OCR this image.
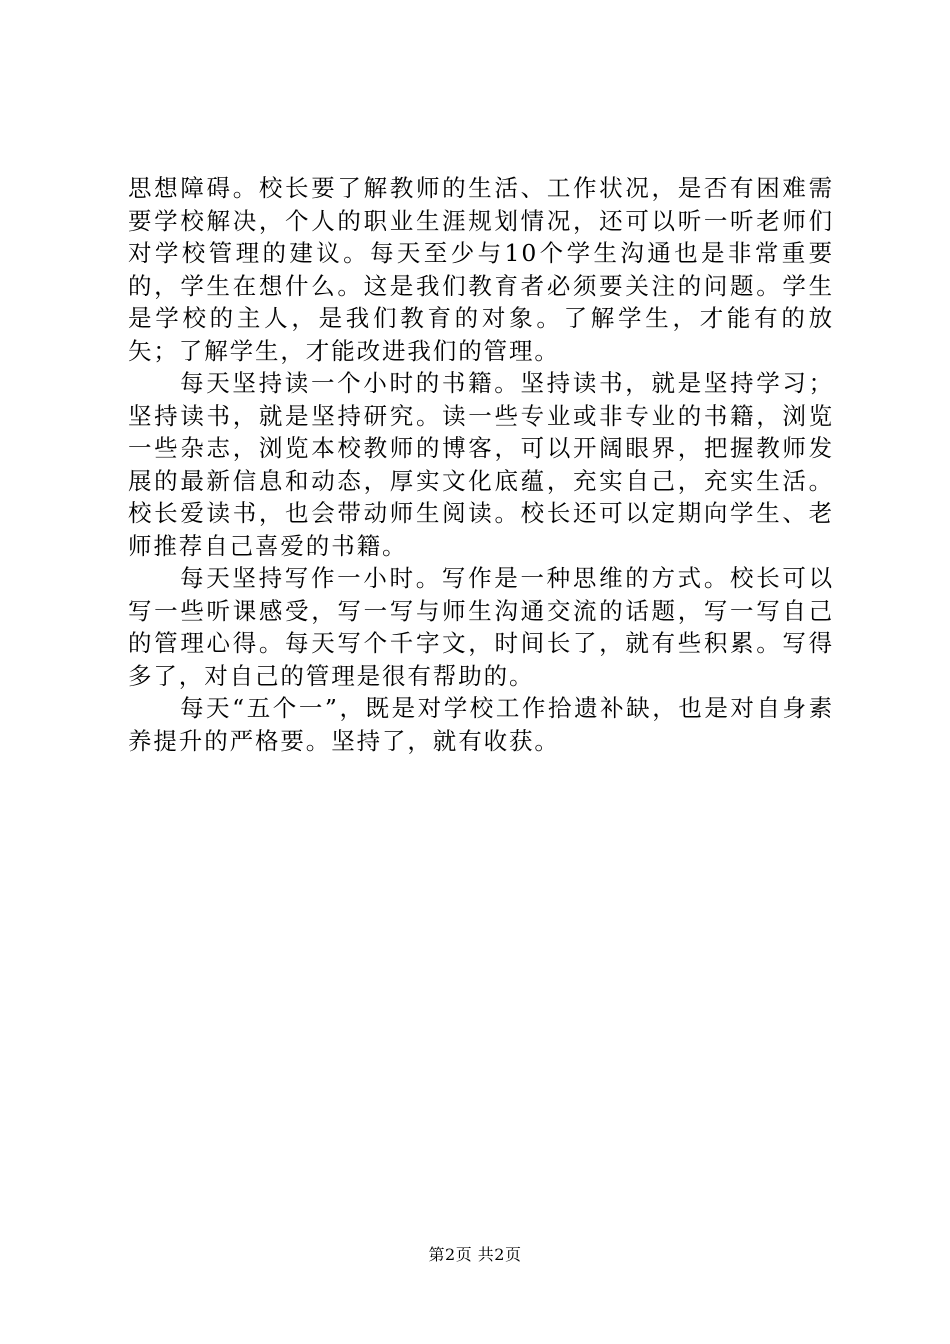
思想障碍。校长要了解教师的生活、工作状况，是否有困难需要学校解决，个人的职业生涯规划情况，还可以听一听老师们对学校管理的建议。每天至少与10个学生沟通也是非常重要的，学生在想什么。这是我们教育者必须要关注的问题。学生是学校的主人，是我们教育的对象。了解学生，才能有的放矢；了解学生，才能改进我们的管理。

每天坚持读一个小时的书籍。坚持读书，就是坚持学习；坚持读书，就是坚持研究。读一些专业或非专业的书籍，浏览一些杂志，浏览本校教师的博客，可以开阔眼界，把握教师发展的最新信息和动态，厚实文化底蕴，充实自己，充实生活。校长爱读书，也会带动师生阅读。校长还可以定期向学生、老师推荐自己喜爱的书籍。

每天坚持写作一小时。写作是一种思维的方式。校长可以写一些听课感受，写一写与师生沟通交流的话题，写一写自己的管理心得。每天写个千字文，时间长了，就有些积累。写得多了，对自己的管理是很有帮助的。

每天“五个一”，既是对学校工作拾遗补缺，也是对自身素养提升的严格要。坚持了，就有收获。

第2页 共2页
